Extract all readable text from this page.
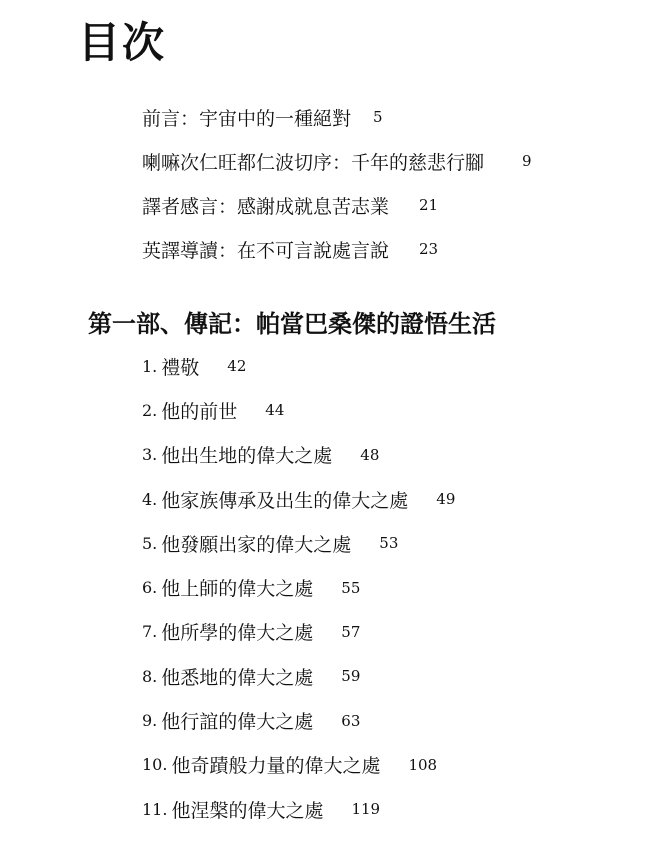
目次
前言：宇宙中的一種絕對 5
喇嘛次仁旺都仁波切序：千年的慈悲行腳	9
譯者感言：感謝成就息苦志業 21
英譯導讀：在不可言說處言說 23
第一部、傳記：帕當巴桑傑的證悟生活
1. 禮敬 42
2. 他的前世 44
3. 他出生地的偉大之處 48
4. 他家族傳承及出生的偉大之處 49
5. 他發願出家的偉大之處 53
6. 他上師的偉大之處 55
7. 他所學的偉大之處 57
8. 他悉地的偉大之處 59
9. 他行誼的偉大之處 63
10. 他奇蹟般力量的偉大之處 108
11. 他涅槃的偉大之處 119
